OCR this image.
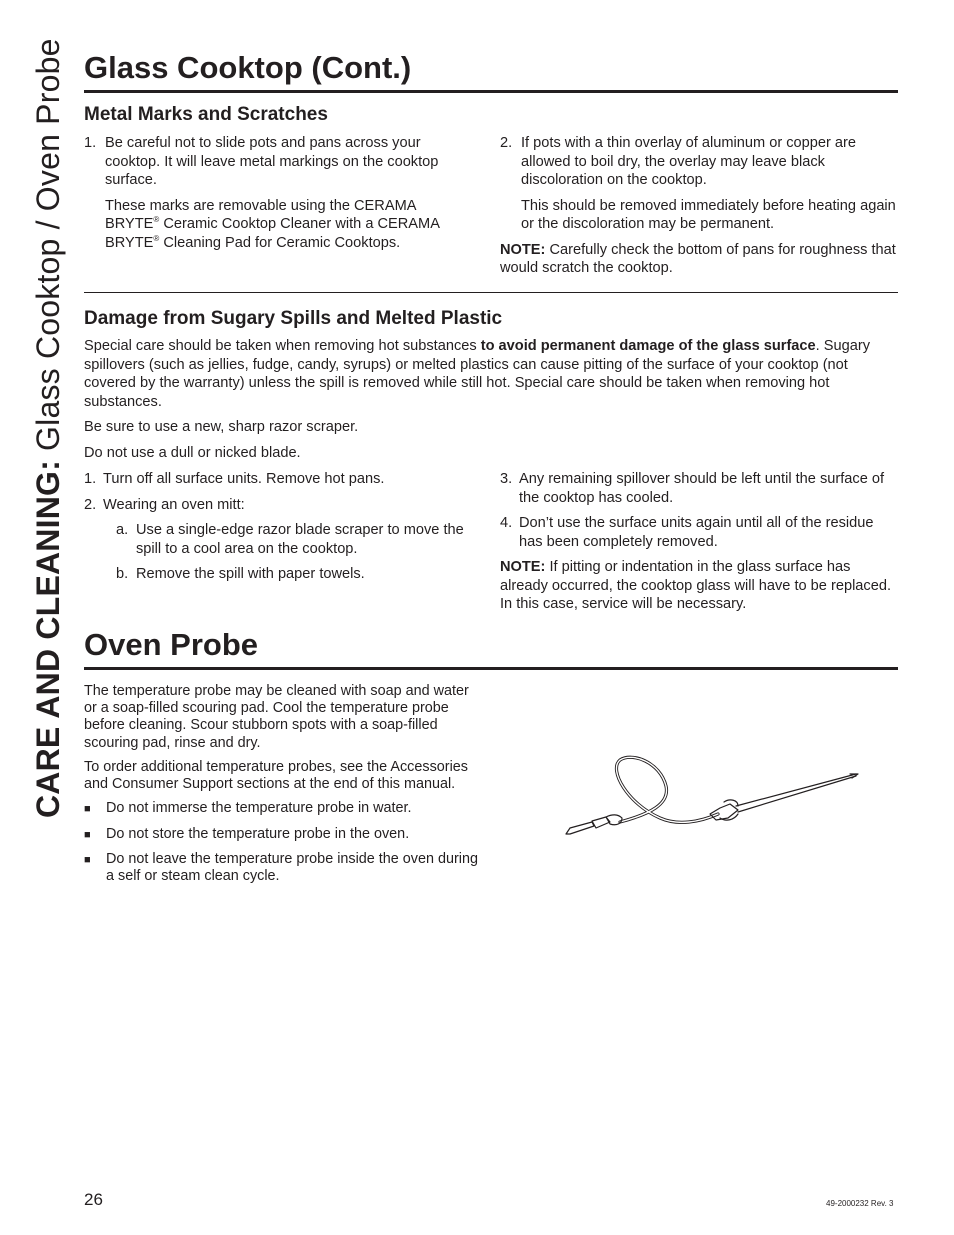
CARE AND CLEANING: Glass Cooktop / Oven Probe Glass Cooktop (Cont.)
Metal Marks and Scratches
1. Be careful not to slide pots and pans across your cooktop. It will leave metal markings on the cooktop surface.

These marks are removable using the CERAMA BRYTE® Ceramic Cooktop Cleaner with a CERAMA BRYTE® Cleaning Pad for Ceramic Cooktops.

2. If pots with a thin overlay of aluminum or copper are allowed to boil dry, the overlay may leave black discoloration on the cooktop.

This should be removed immediately before heating again or the discoloration may be permanent.

NOTE: Carefully check the bottom of pans for roughness that would scratch the cooktop.

Damage from Sugary Spills and Melted Plastic

Special care should be taken when removing hot substances to avoid permanent damage of the glass surface. Sugary spillovers (such as jellies, fudge, candy, syrups) or melted plastics can cause pitting of the surface of your cooktop (not covered by the warranty) unless the spill is removed while still hot. Special care should be taken when removing hot substances.

Be sure to use a new, sharp razor scraper.

Do not use a dull or nicked blade.

1. Turn off all surface units. Remove hot pans.
2. Wearing an oven mitt:
a. Use a single-edge razor blade scraper to move the spill to a cool area on the cooktop.
b. Remove the spill with paper towels.
3. Any remaining spillover should be left until the surface of the cooktop has cooled.
4. Don’t use the surface units again until all of the residue has been completely removed.

NOTE: If pitting or indentation in the glass surface has already occurred, the cooktop glass will have to be replaced. In this case, service will be necessary.

Oven Probe

The temperature probe may be cleaned with soap and water or a soap-filled scouring pad. Cool the temperature probe before cleaning. Scour stubborn spots with a soap-filled scouring pad, rinse and dry.

To order additional temperature probes, see the Accessories and Consumer Support sections at the end of this manual.

■	Do not immerse the temperature probe in water.
■	Do not store the temperature probe in the oven.
■	Do not leave the temperature probe inside the oven during a self or steam clean cycle.
26	49-2000232 Rev. 3
